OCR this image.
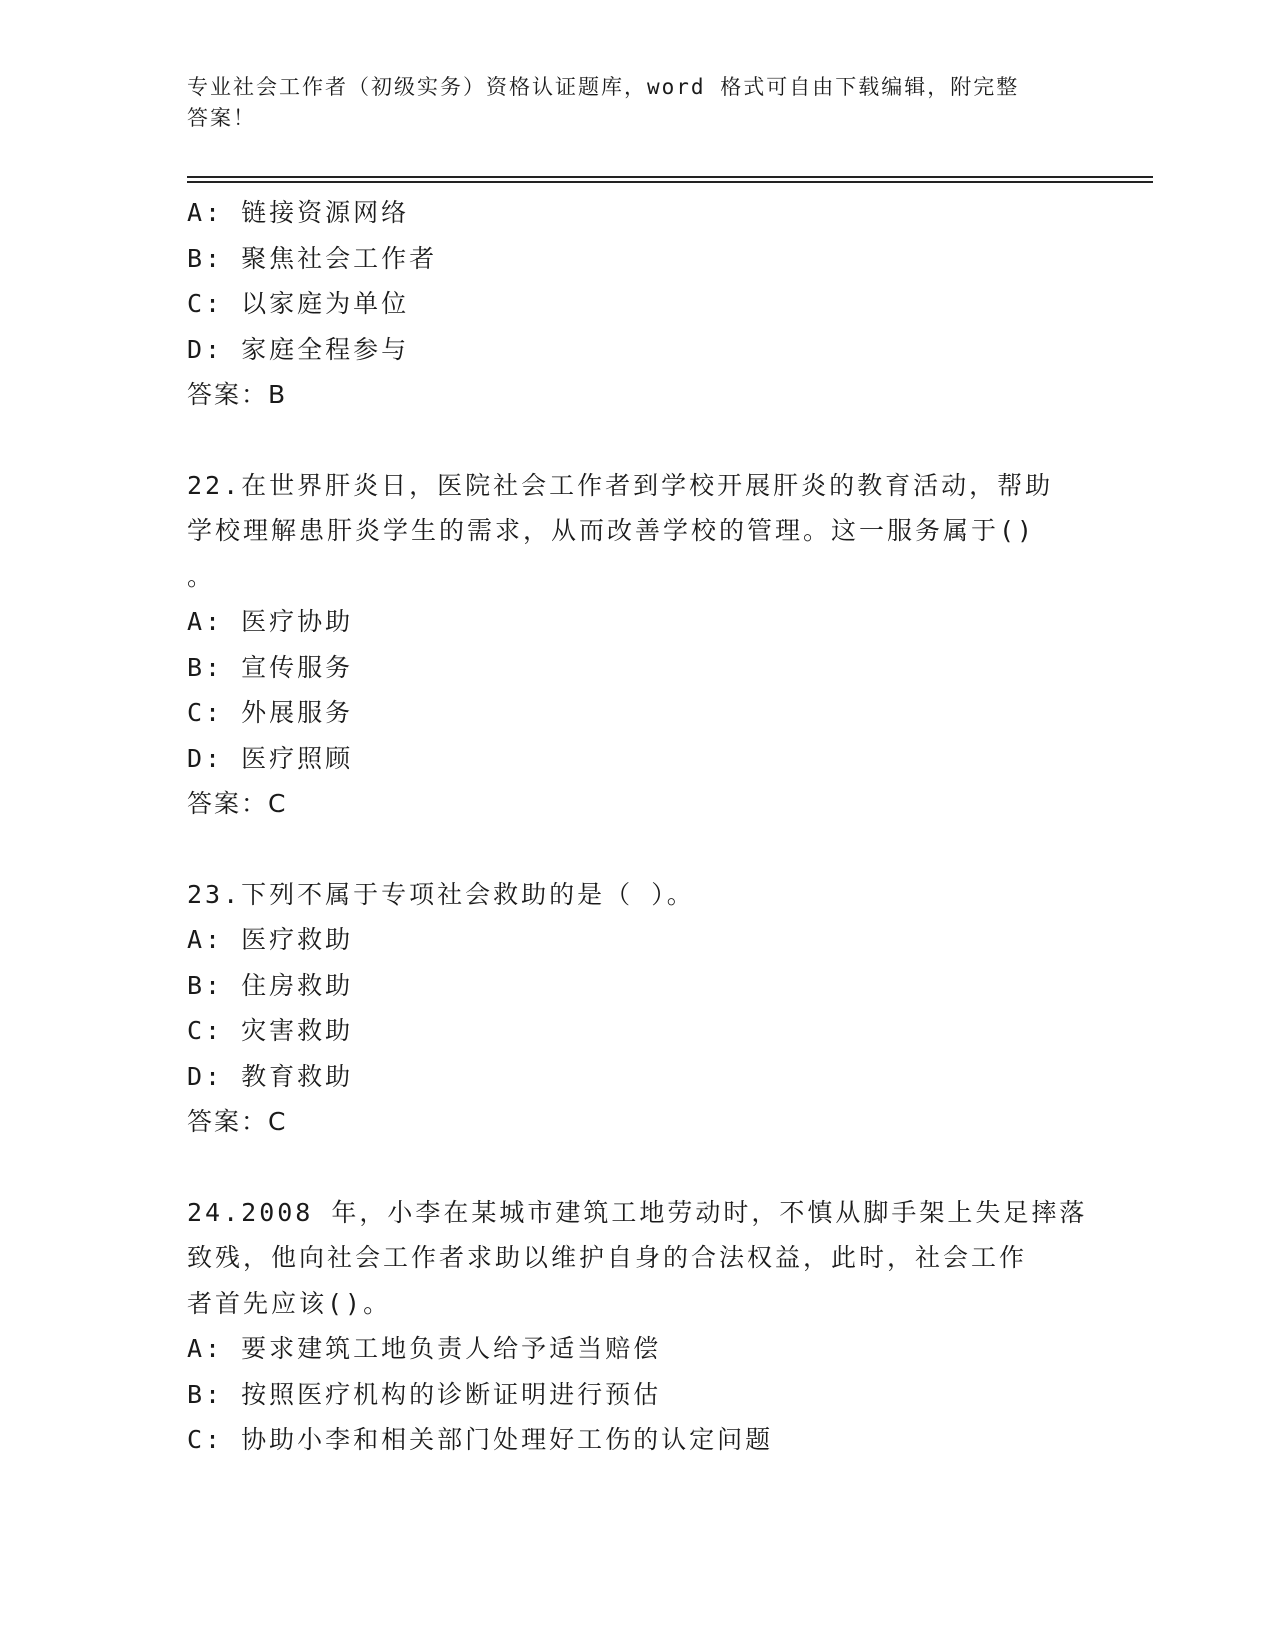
专业社会工作者（初级实务）资格认证题库，word 格式可自由下载编辑，附完整
答案！
A: 链接资源网络
B: 聚焦社会工作者
C: 以家庭为单位
D: 家庭全程参与
答案：B
22.在世界肝炎日，医院社会工作者到学校开展肝炎的教育活动，帮助
学校理解患肝炎学生的需求，从而改善学校的管理。这一服务属于()
。
A: 医疗协助
B: 宣传服务
C: 外展服务
D: 医疗照顾
答案：C
23.下列不属于专项社会救助的是（ ）。
A: 医疗救助
B: 住房救助
C: 灾害救助
D: 教育救助
答案：C
24.2008 年，小李在某城市建筑工地劳动时，不慎从脚手架上失足摔落
致残，他向社会工作者求助以维护自身的合法权益，此时，社会工作
者首先应该()。
A: 要求建筑工地负责人给予适当赔偿
B: 按照医疗机构的诊断证明进行预估
C: 协助小李和相关部门处理好工伤的认定问题
